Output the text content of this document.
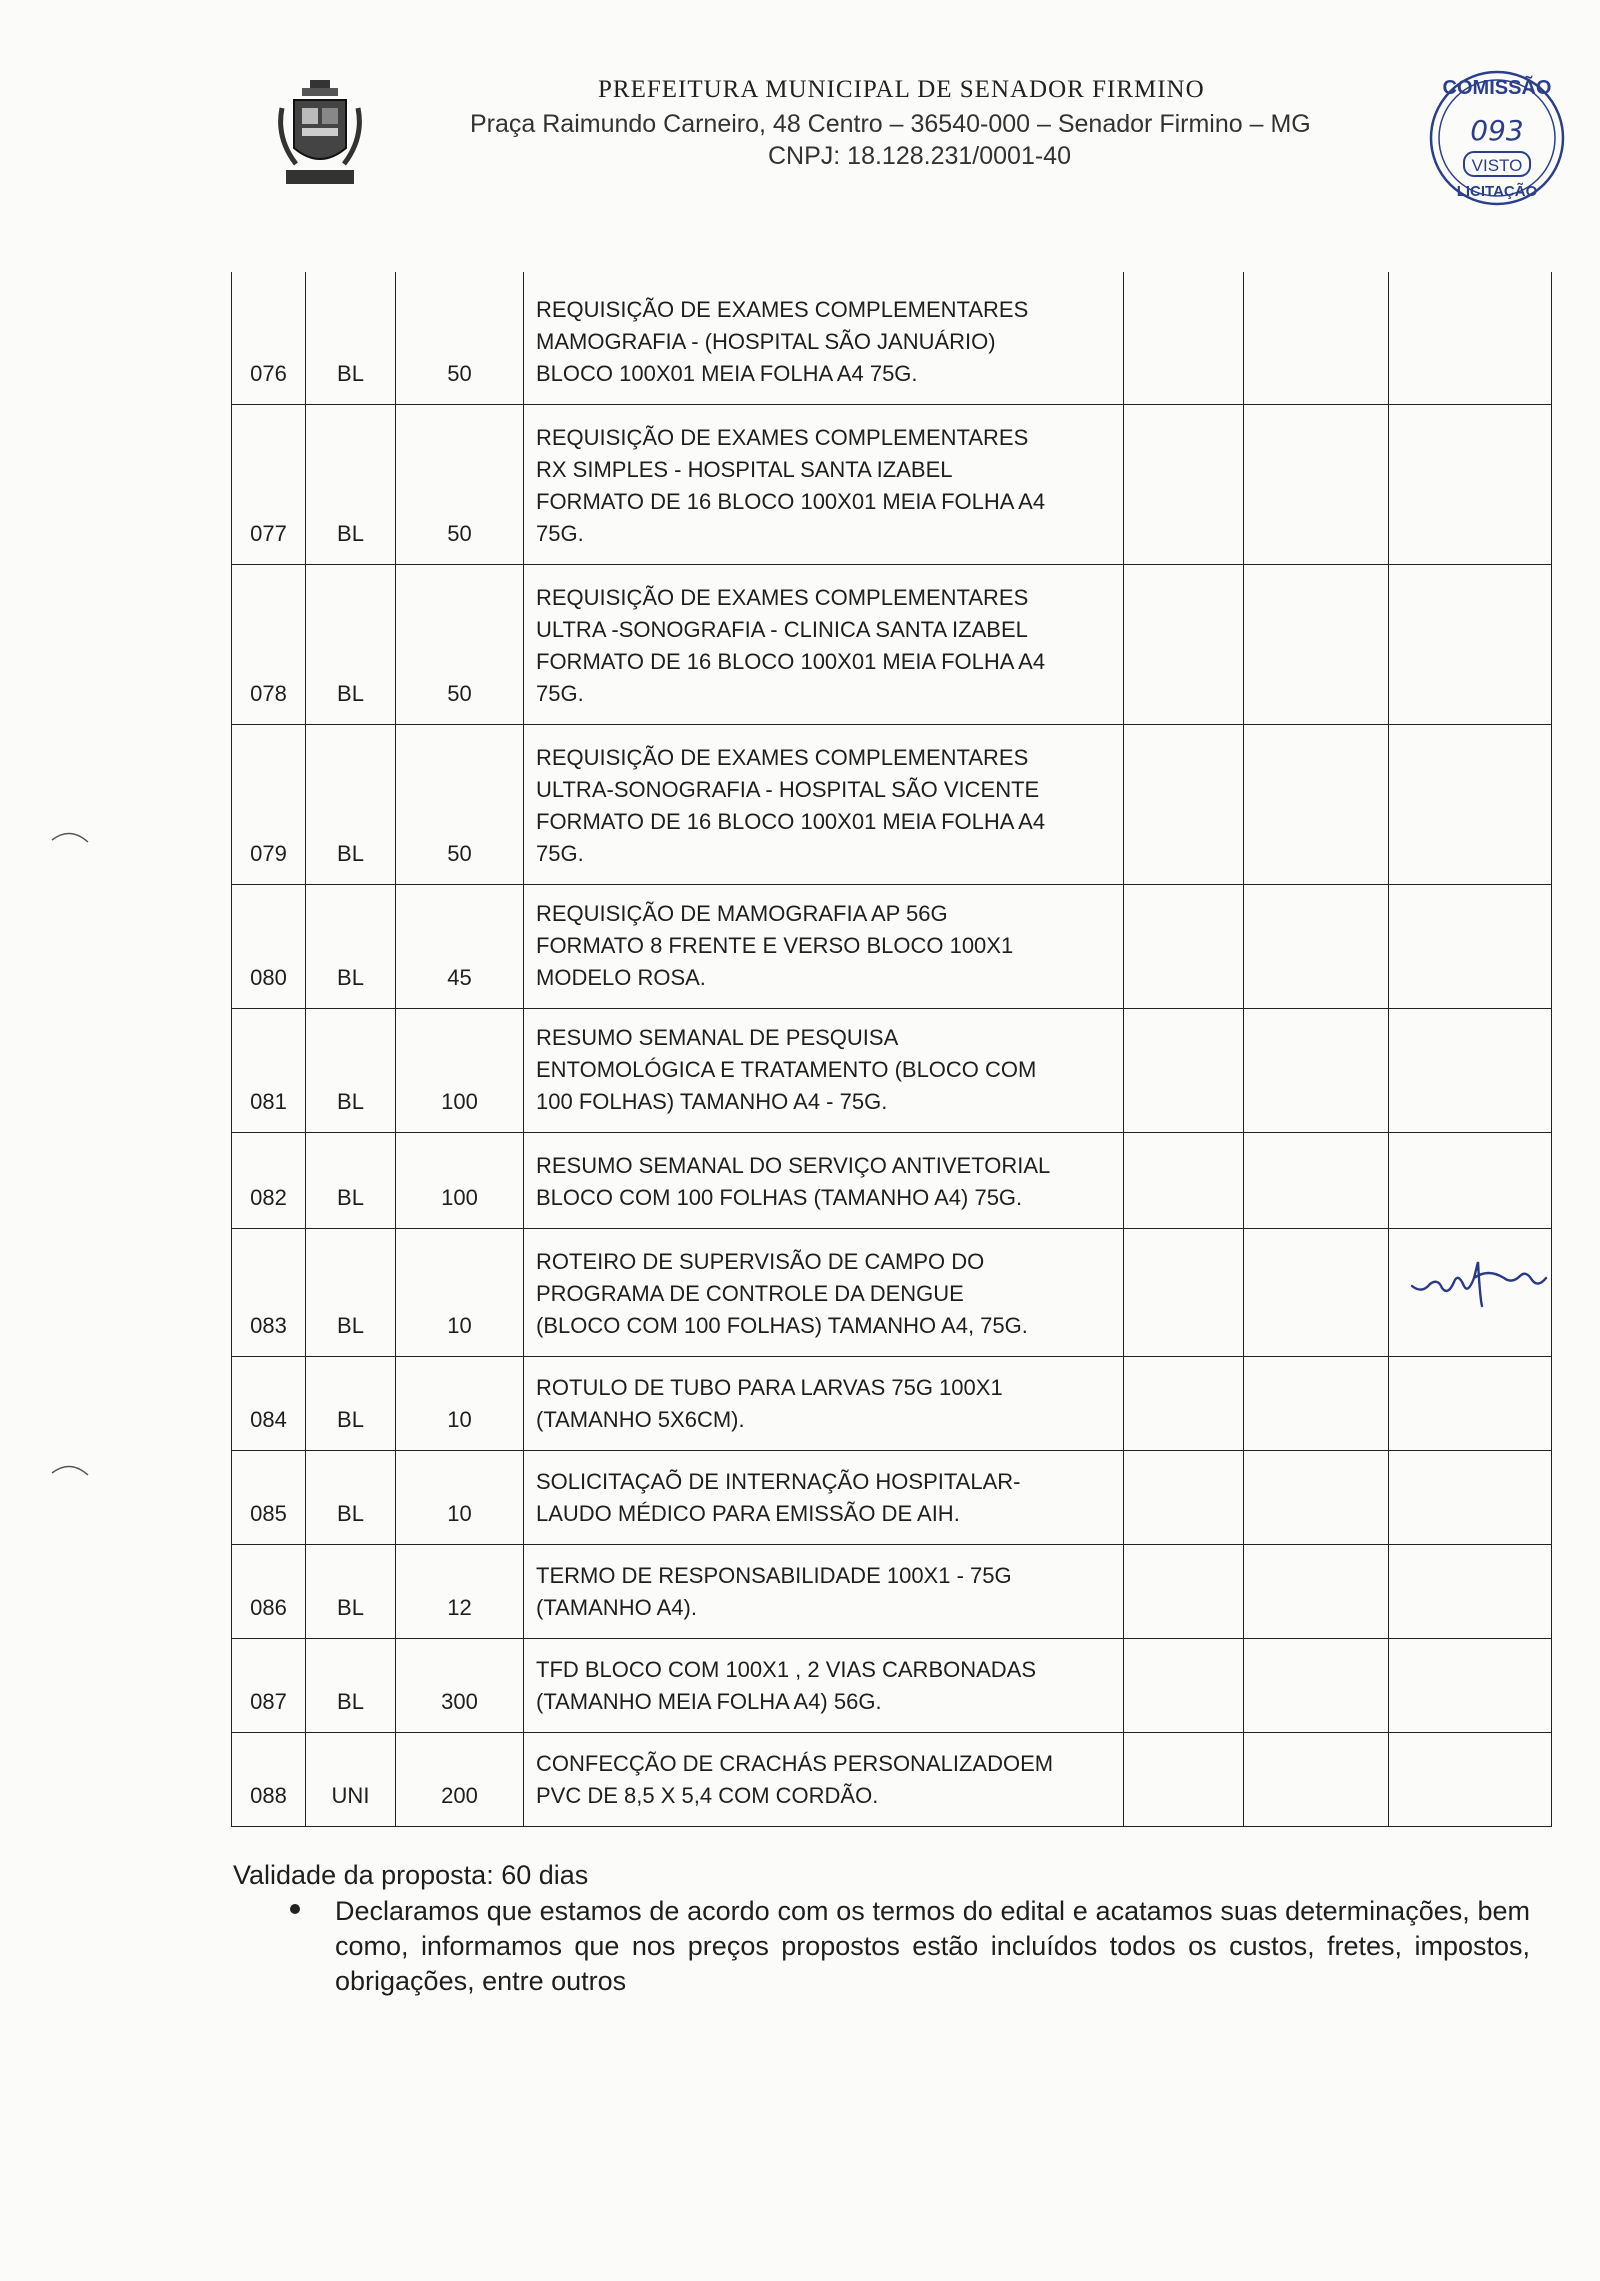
PREFEITURA MUNICIPAL DE SENADOR FIRMINO
Praça Raimundo Carneiro, 48 Centro – 36540-000 – Senador Firmino – MG
CNPJ: 18.128.231/0001-40
COMISSÃO
093
VISTO
LICITAÇÃO
076	BL	50	REQUISIÇÃO DE EXAMES COMPLEMENTARES
MAMOGRAFIA - (HOSPITAL SÃO JANUÁRIO)
BLOCO 100X01 MEIA FOLHA A4 75G.			

077	BL	50	REQUISIÇÃO DE EXAMES COMPLEMENTARES
RX SIMPLES - HOSPITAL SANTA IZABEL
FORMATO DE 16 BLOCO 100X01 MEIA FOLHA A4
75G.			

078	BL	50	REQUISIÇÃO DE EXAMES COMPLEMENTARES
ULTRA -SONOGRAFIA - CLINICA SANTA IZABEL
FORMATO DE 16 BLOCO 100X01 MEIA FOLHA A4
75G.			

079	BL	50	REQUISIÇÃO DE EXAMES COMPLEMENTARES
ULTRA-SONOGRAFIA - HOSPITAL SÃO VICENTE
FORMATO DE 16 BLOCO 100X01 MEIA FOLHA A4
75G.			

080	BL	45	REQUISIÇÃO DE MAMOGRAFIA AP 56G
FORMATO 8 FRENTE E VERSO BLOCO 100X1
MODELO ROSA.			

081	BL	100	RESUMO SEMANAL DE PESQUISA
ENTOMOLÓGICA E TRATAMENTO (BLOCO COM
100 FOLHAS) TAMANHO A4 - 75G.			

082	BL	100	RESUMO SEMANAL DO SERVIÇO ANTIVETORIAL
BLOCO COM 100 FOLHAS (TAMANHO A4) 75G.			

083	BL	10	ROTEIRO DE SUPERVISÃO DE CAMPO DO
PROGRAMA DE CONTROLE DA DENGUE
(BLOCO COM 100 FOLHAS) TAMANHO A4, 75G.			

084	BL	10	ROTULO DE TUBO PARA LARVAS 75G 100X1
(TAMANHO 5X6CM).			

085	BL	10	SOLICITAÇAÕ DE INTERNAÇÃO HOSPITALAR-
LAUDO MÉDICO PARA EMISSÃO DE AIH.			

086	BL	12	TERMO DE RESPONSABILIDADE 100X1 - 75G
(TAMANHO A4).			

087	BL	300	TFD BLOCO COM 100X1 , 2 VIAS CARBONADAS
(TAMANHO MEIA FOLHA A4) 56G.			

088	UNI	200	CONFECÇÃO DE CRACHÁS PERSONALIZADOEM
PVC DE 8,5 X 5,4 COM CORDÃO.			

Validade da proposta: 60 dias
Declaramos que estamos de acordo com os termos do edital e acatamos suas determinações, bem como, informamos que nos preços propostos estão incluídos todos os custos, fretes, impostos, obrigações, entre outros
